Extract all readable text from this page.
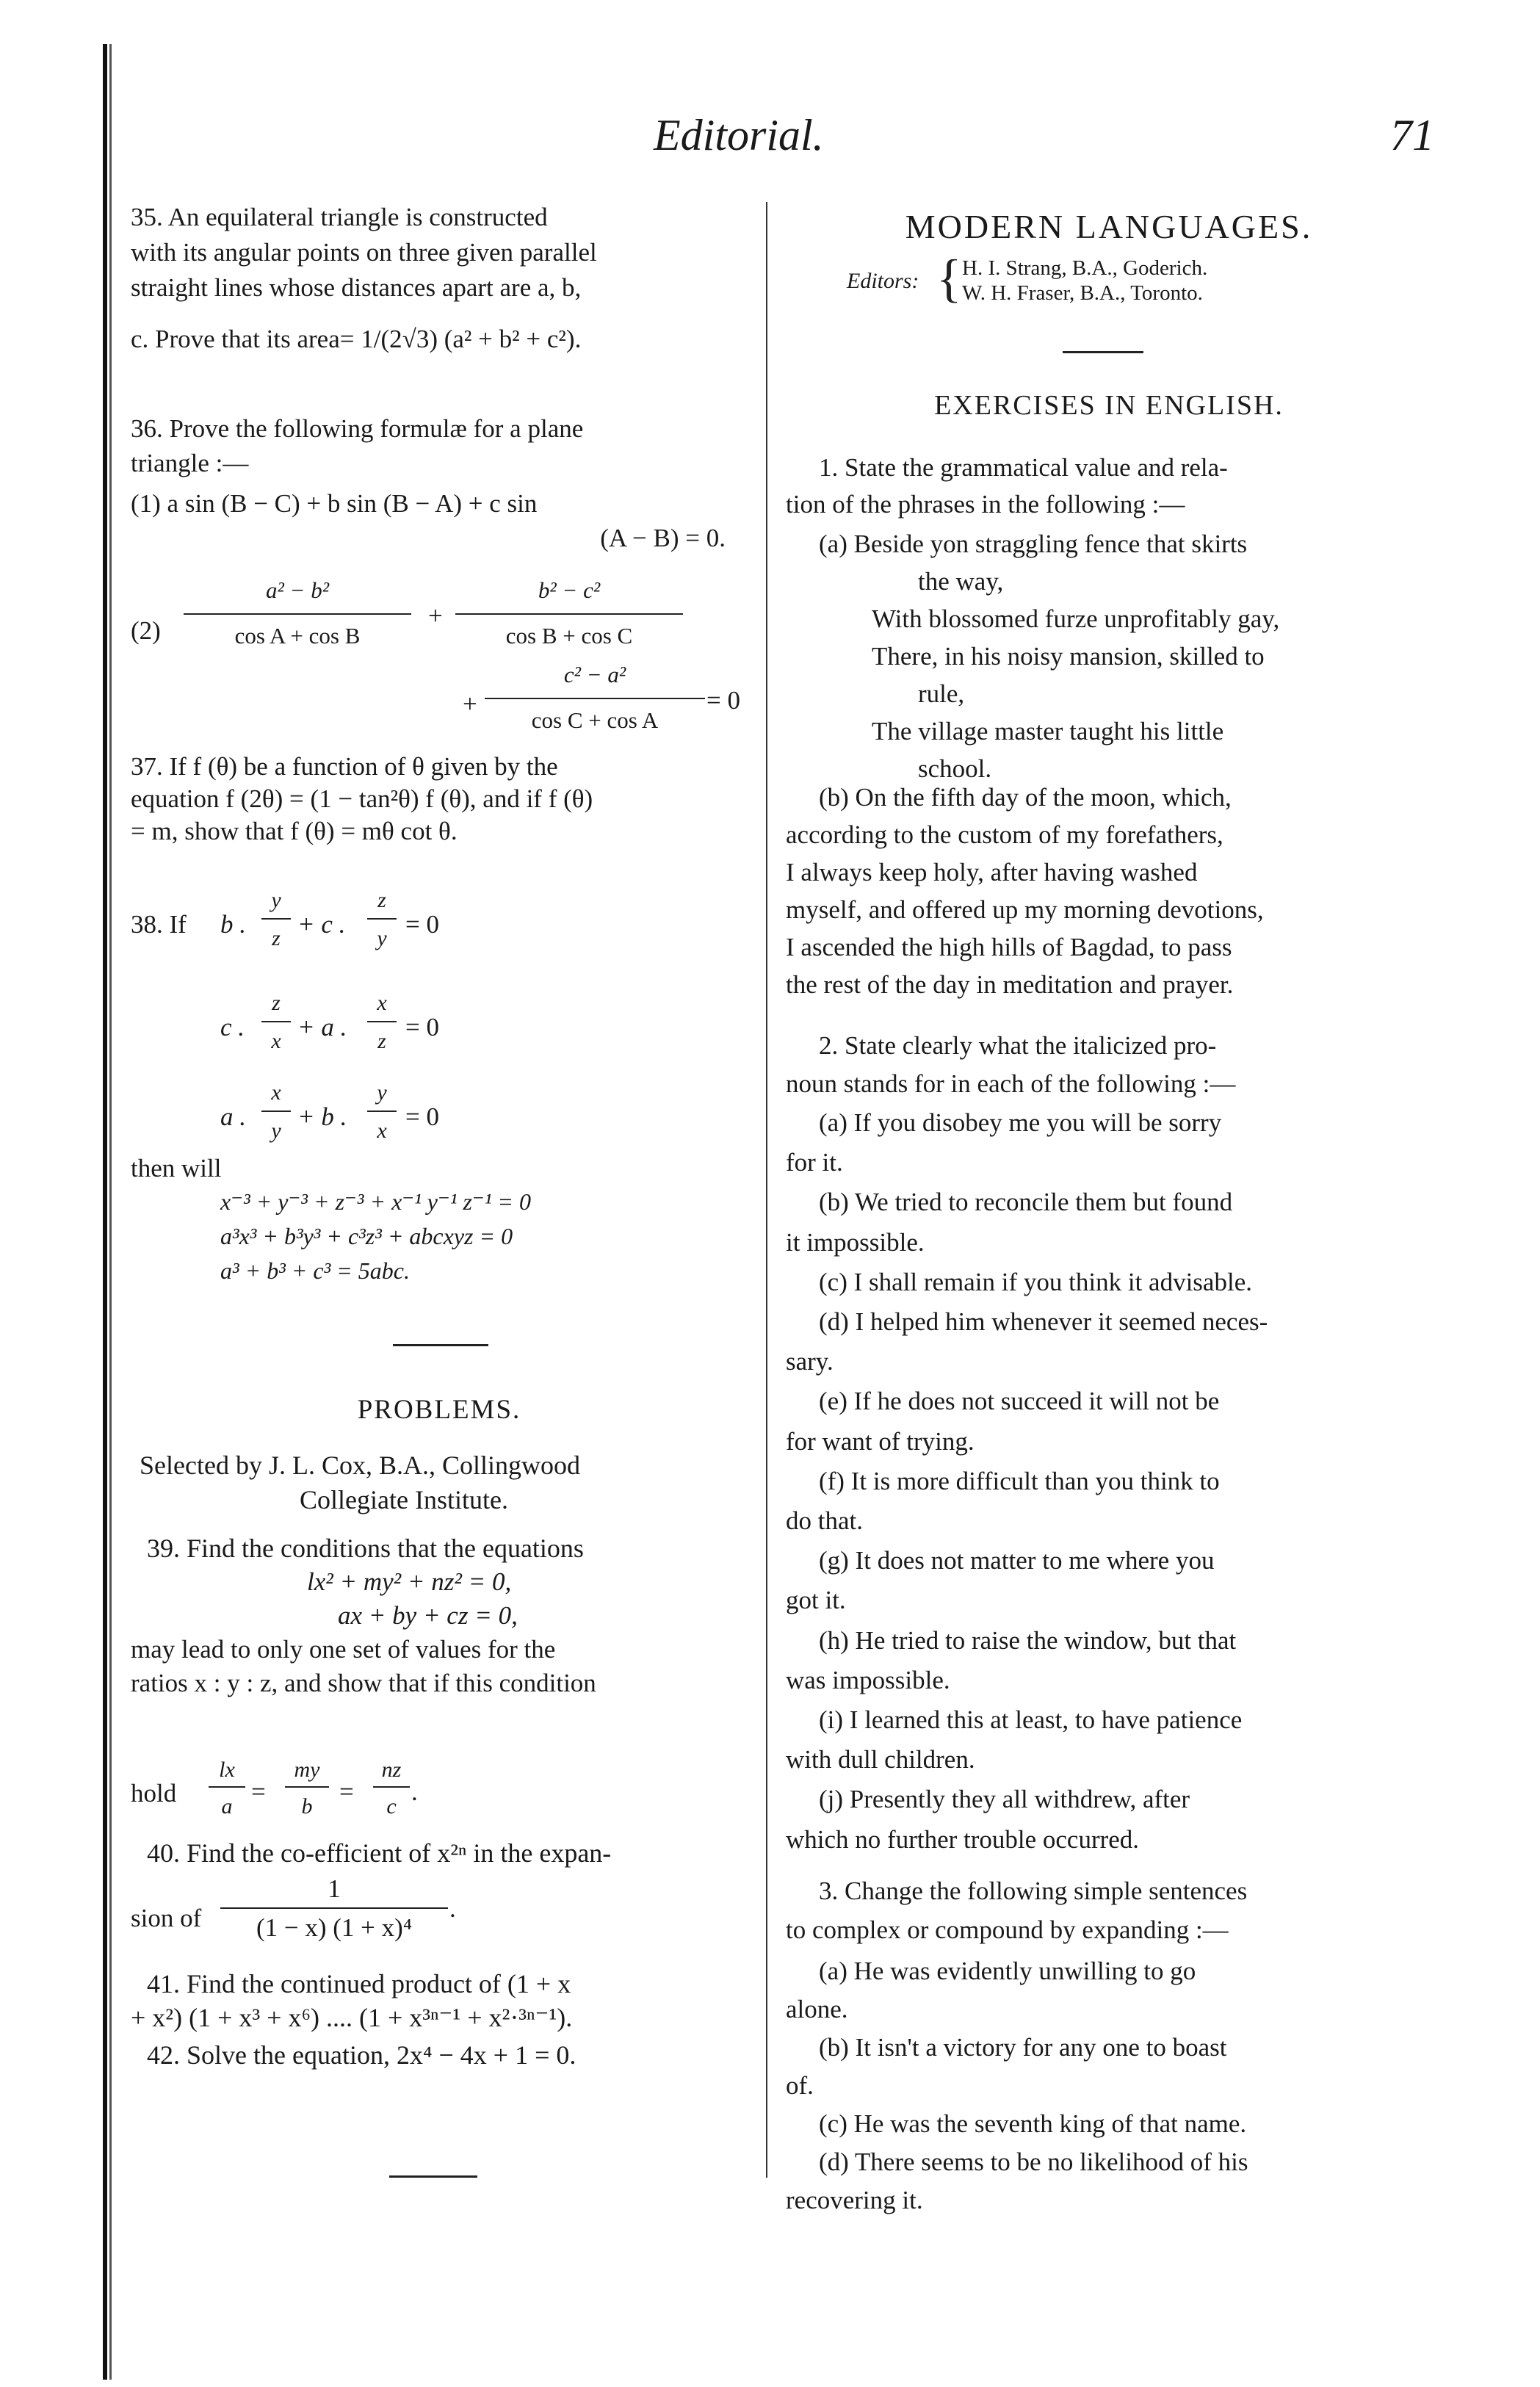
Editorial.	71
35. An equilateral triangle is constructed
with its angular points on three given parallel
straight lines whose distances apart are a, b,
c. Prove that its area= 1/(2√3) (a² + b² + c²).
36. Prove the following formulæ for a plane
triangle :—
(1) a sin (B − C) + b sin (B − A) + c sin
(A − B) = 0.
(2)
a² − b²
cos A + cos B
+
b² − c²
cos B + cos C
+
c² − a²
cos C + cos A
= 0
37. If f (θ) be a function of θ given by the
equation f (2θ) = (1 − tan²θ) f (θ), and if f (θ)
= m, show that f (θ) = mθ cot θ.
38. If b .
y
z + c .
z
y = 0
c .
z
x + a .
x
z = 0
a .
x
y + b .
y
x = 0
then will
x⁻³ + y⁻³ + z⁻³ + x⁻¹ y⁻¹ z⁻¹ = 0
a³x³ + b³y³ + c³z³ + abcxyz = 0
a³ + b³ + c³ = 5abc.
PROBLEMS.
Selected by J. L. Cox, B.A., Collingwood
Collegiate Institute.
39. Find the conditions that the equations
lx² + my² + nz² = 0,
ax + by + cz = 0,
may lead to only one set of values for the
ratios x : y : z, and show that if this condition
hold
lx
a
=
my
b
=
nz
c
.
40. Find the co-efficient of x²ⁿ in the expan-
sion of
1
(1 − x) (1 + x)⁴
.
41. Find the continued product of (1 + x
+ x²) (1 + x³ + x⁶) .... (1 + x³ⁿ⁻¹ + x²·³ⁿ⁻¹).
42. Solve the equation, 2x⁴ − 4x + 1 = 0.
MODERN LANGUAGES.
Editors: { H. I. Strang, B.A., Goderich.
W. H. Fraser, B.A., Toronto.
EXERCISES IN ENGLISH.
1. State the grammatical value and rela-
tion of the phrases in the following :—
(a) Beside yon straggling fence that skirts
the way,
With blossomed furze unprofitably gay,
There, in his noisy mansion, skilled to
rule,
The village master taught his little
school.
(b) On the fifth day of the moon, which,
according to the custom of my forefathers,
I always keep holy, after having washed
myself, and offered up my morning devotions,
I ascended the high hills of Bagdad, to pass
the rest of the day in meditation and prayer.
2. State clearly what the italicized pro-
noun stands for in each of the following :—
(a) If you disobey me you will be sorry
for it.
(b) We tried to reconcile them but found
it impossible.
(c) I shall remain if you think it advisable.
(d) I helped him whenever it seemed neces-
sary.
(e) If he does not succeed it will not be
for want of trying.
(f) It is more difficult than you think to
do that.
(g) It does not matter to me where you
got it.
(h) He tried to raise the window, but that
was impossible.
(i) I learned this at least, to have patience
with dull children.
(j) Presently they all withdrew, after
which no further trouble occurred.
3. Change the following simple sentences
to complex or compound by expanding :—
(a) He was evidently unwilling to go
alone.
(b) It isn't a victory for any one to boast
of.
(c) He was the seventh king of that name.
(d) There seems to be no likelihood of his
recovering it.
